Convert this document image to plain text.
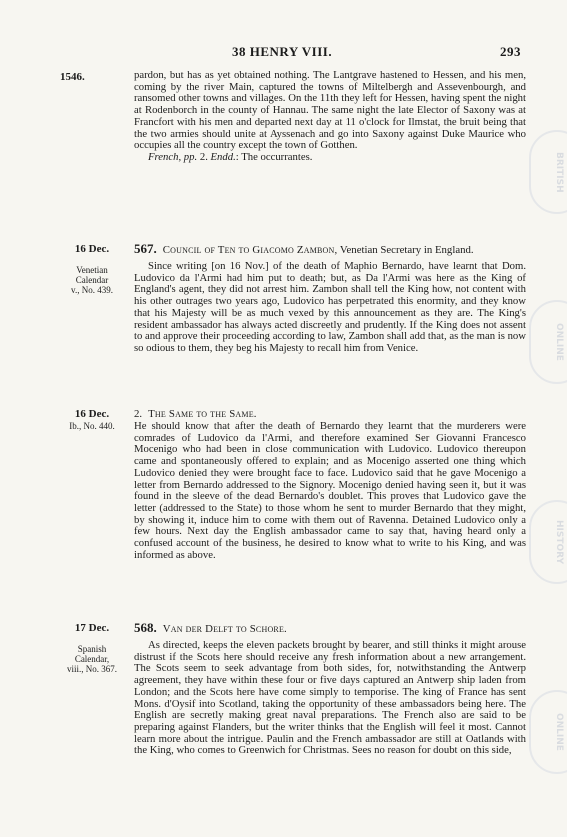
38 HENRY VIII.	293
1546.	pardon, but has as yet obtained nothing. The Lantgrave hastened to Hessen, and his men, coming by the river Main, captured the towns of Miltelbergh and Assevenbourgh, and ransomed other towns and villages. On the 11th they left for Hessen, having spent the night at Rodenborch in the county of Hannau. The same night the late Elector of Saxony was at Francfort with his men and departed next day at 11 o'clock for Ilmstat, the bruit being that the two armies should unite at Ayssenach and go into Saxony against Duke Maurice who occupies all the country except the town of Gotthen.

French, pp. 2. Endd.: The occurrantes.

16 Dec.
Venetian
Calendar
v., No. 439.
567. Council of Ten to Giacomo Zambon, Venetian Secretary in England.

Since writing [on 16 Nov.] of the death of Maphio Bernardo, have learnt that Dom. Ludovico da l'Armi had him put to death; but, as Da l'Armi was here as the King of England's agent, they did not arrest him. Zambon shall tell the King how, not content with his other outrages two years ago, Ludovico has perpetrated this enormity, and they know that his Majesty will be as much vexed by this announcement as they are. The King's resident ambassador has always acted discreetly and prudently. If the King does not assent to and approve their proceeding according to law, Zambon shall add that, as the man is now so odious to them, they beg his Majesty to recall him from Venice.

16 Dec.
Ib., No. 440.
2. The Same to the Same.

He should know that after the death of Bernardo they learnt that the murderers were comrades of Ludovico da l'Armi, and therefore examined Ser Giovanni Francesco Mocenigo who had been in close communication with Ludovico. Ludovico thereupon came and spontaneously offered to explain; and as Mocenigo asserted one thing which Ludovico denied they were brought face to face. Ludovico said that he gave Mocenigo a letter from Bernardo addressed to the Signory. Mocenigo denied having seen it, but it was found in the sleeve of the dead Bernardo's doublet. This proves that Ludovico gave the letter (addressed to the State) to those whom he sent to murder Bernardo that they might, by showing it, induce him to come with them out of Ravenna. Detained Ludovico only a few hours. Next day the English ambassador came to say that, having heard only a confused account of the business, he desired to know what to write to his King, and was informed as above.

17 Dec.
Spanish
Calendar,
viii., No. 367.
568. Van der Delft to Schore.

As directed, keeps the eleven packets brought by bearer, and still thinks it might arouse distrust if the Scots here should receive any fresh information about a new arrangement. The Scots seem to seek advantage from both sides, for, notwithstanding the Antwerp agreement, they have within these four or five days captured an Antwerp ship laden from London; and the Scots here have come simply to temporise. The king of France has sent Mons. d'Oysif into Scotland, taking the opportunity of these ambassadors being here. The English are secretly making great naval preparations. The French also are said to be preparing against Flanders, but the writer thinks that the English will feel it most. Cannot learn more about the intrigue. Paulin and the French ambassador are still at Oatlands with the King, who comes to Greenwich for Christmas. Sees no reason for doubt on this side,

BRITISH
ONLINE
HISTORY
ONLINE
